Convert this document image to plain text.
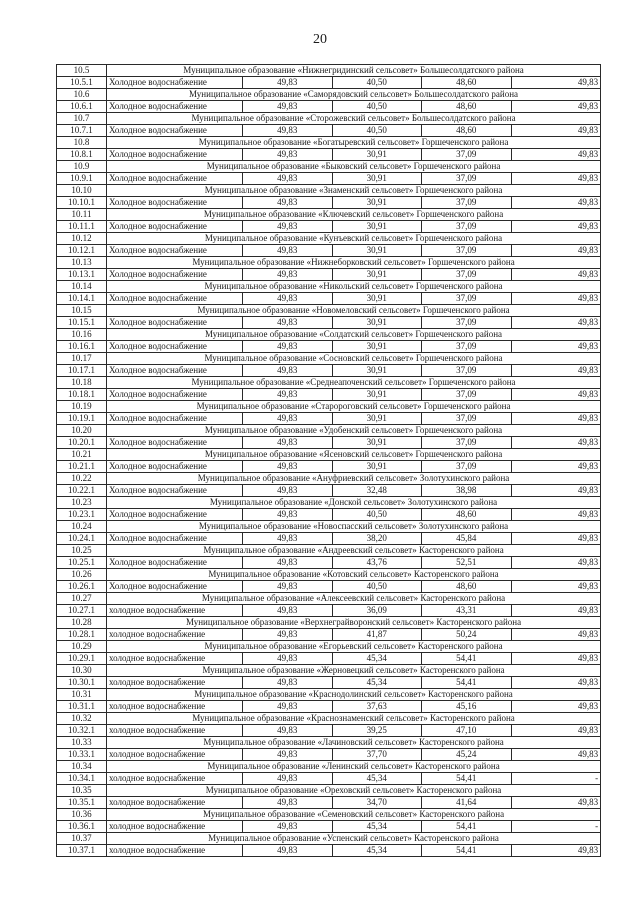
20
10.5	Муниципальное образование «Нижнегридинский сельсовет» Большесолдатского района				
10.5.1	Холодное водоснабжение	49,83	40,50	48,60	49,83
10.6	Муниципальное образование «Саморядовский сельсовет» Большесолдатского района				
10.6.1	Холодное водоснабжение	49,83	40,50	48,60	49,83
10.7	Муниципальное образование «Сторожевский сельсовет» Большесолдатского района				
10.7.1	Холодное водоснабжение	49,83	40,50	48,60	49,83
10.8	Муниципальное образование «Богатыревский сельсовет» Горшеченского района				
10.8.1	Холодное водоснабжение	49,83	30,91	37,09	49,83
10.9	Муниципальное образование «Быковский сельсовет» Горшеченского района				
10.9.1	Холодное водоснабжение	49,83	30,91	37,09	49,83
10.10	Муниципальное образование «Знаменский сельсовет» Горшеченского района				
10.10.1	Холодное водоснабжение	49,83	30,91	37,09	49,83
10.11	Муниципальное образование «Ключевский сельсовет» Горшеченского района				
10.11.1	Холодное водоснабжение	49,83	30,91	37,09	49,83
10.12	Муниципальное образование «Кунъевский сельсовет» Горшеченского района				
10.12.1	Холодное водоснабжение	49,83	30,91	37,09	49,83
10.13	Муниципальное образование «Нижнеборковский сельсовет» Горшеченского района				
10.13.1	Холодное водоснабжение	49,83	30,91	37,09	49,83
10.14	Муниципальное образование «Никольский сельсовет» Горшеченского района				
10.14.1	Холодное водоснабжение	49,83	30,91	37,09	49,83
10.15	Муниципальное образование «Новомеловский сельсовет» Горшеченского района				
10.15.1	Холодное водоснабжение	49,83	30,91	37,09	49,83
10.16	Муниципальное образование «Солдатский сельсовет» Горшеченского района				
10.16.1	Холодное водоснабжение	49,83	30,91	37,09	49,83
10.17	Муниципальное образование «Сосновский сельсовет» Горшеченского района				
10.17.1	Холодное водоснабжение	49,83	30,91	37,09	49,83
10.18	Муниципальное образование «Среднеапоченский сельсовет» Горшеченского района				
10.18.1	Холодное водоснабжение	49,83	30,91	37,09	49,83
10.19	Муниципальное образование «Старороговский сельсовет» Горшеченского района				
10.19.1	Холодное водоснабжение	49,83	30,91	37,09	49,83
10.20	Муниципальное образование «Удобенский сельсовет» Горшеченского района				
10.20.1	Холодное водоснабжение	49,83	30,91	37,09	49,83
10.21	Муниципальное образование «Ясеновский сельсовет» Горшеченского района				
10.21.1	Холодное водоснабжение	49,83	30,91	37,09	49,83
10.22	Муниципальное образование «Ануфриевский сельсовет» Золотухинского района				
10.22.1	Холодное водоснабжение	49,83	32,48	38,98	49,83
10.23	Муниципальное образование «Донской сельсовет» Золотухинского района				
10.23.1	Холодное водоснабжение	49,83	40,50	48,60	49,83
10.24	Муниципальное образование «Новоспасский сельсовет» Золотухинского района				
10.24.1	Холодное водоснабжение	49,83	38,20	45,84	49,83
10.25	Муниципальное образование «Андреевский сельсовет» Касторенского района				
10.25.1	Холодное водоснабжение	49,83	43,76	52,51	49,83
10.26	Муниципальное образование «Котовский сельсовет» Касторенского района				
10.26.1	Холодное водоснабжение	49,83	40,50	48,60	49,83
10.27	Муниципальное образование «Алексеевский сельсовет» Касторенского района				
10.27.1	холодное водоснабжение	49,83	36,09	43,31	49,83
10.28	Муниципальное образование «Верхнеграйворонский сельсовет» Касторенского района				
10.28.1	холодное водоснабжение	49,83	41,87	50,24	49,83
10.29	Муниципальное образование «Егорьевский сельсовет» Касторенского района				
10.29.1	холодное водоснабжение	49,83	45,34	54,41	49,83
10.30	Муниципальное образование «Жерновецкий сельсовет» Касторенского района				
10.30.1	холодное водоснабжение	49,83	45,34	54,41	49,83
10.31	Муниципальное образование «Краснодолинский сельсовет» Касторенского района				
10.31.1	холодное водоснабжение	49,83	37,63	45,16	49,83
10.32	Муниципальное образование «Краснознаменский сельсовет» Касторенского района				
10.32.1	холодное водоснабжение	49,83	39,25	47,10	49,83
10.33	Муниципальное образование «Лачиновский сельсовет» Касторенского района				
10.33.1	холодное водоснабжение	49,83	37,70	45,24	49,83
10.34	Муниципальное образование «Ленинский сельсовет» Касторенского района				
10.34.1	холодное водоснабжение	49,83	45,34	54,41	-
10.35	Муниципальное образование «Ореховский сельсовет» Касторенского района				
10.35.1	холодное водоснабжение	49,83	34,70	41,64	49,83
10.36	Муниципальное образование «Семеновский сельсовет» Касторенского района				
10.36.1	холодное водоснабжение	49,83	45,34	54,41	-
10.37	Муниципальное образование «Успенский сельсовет» Касторенского района				
10.37.1	холодное водоснабжение	49,83	45,34	54,41	49,83
